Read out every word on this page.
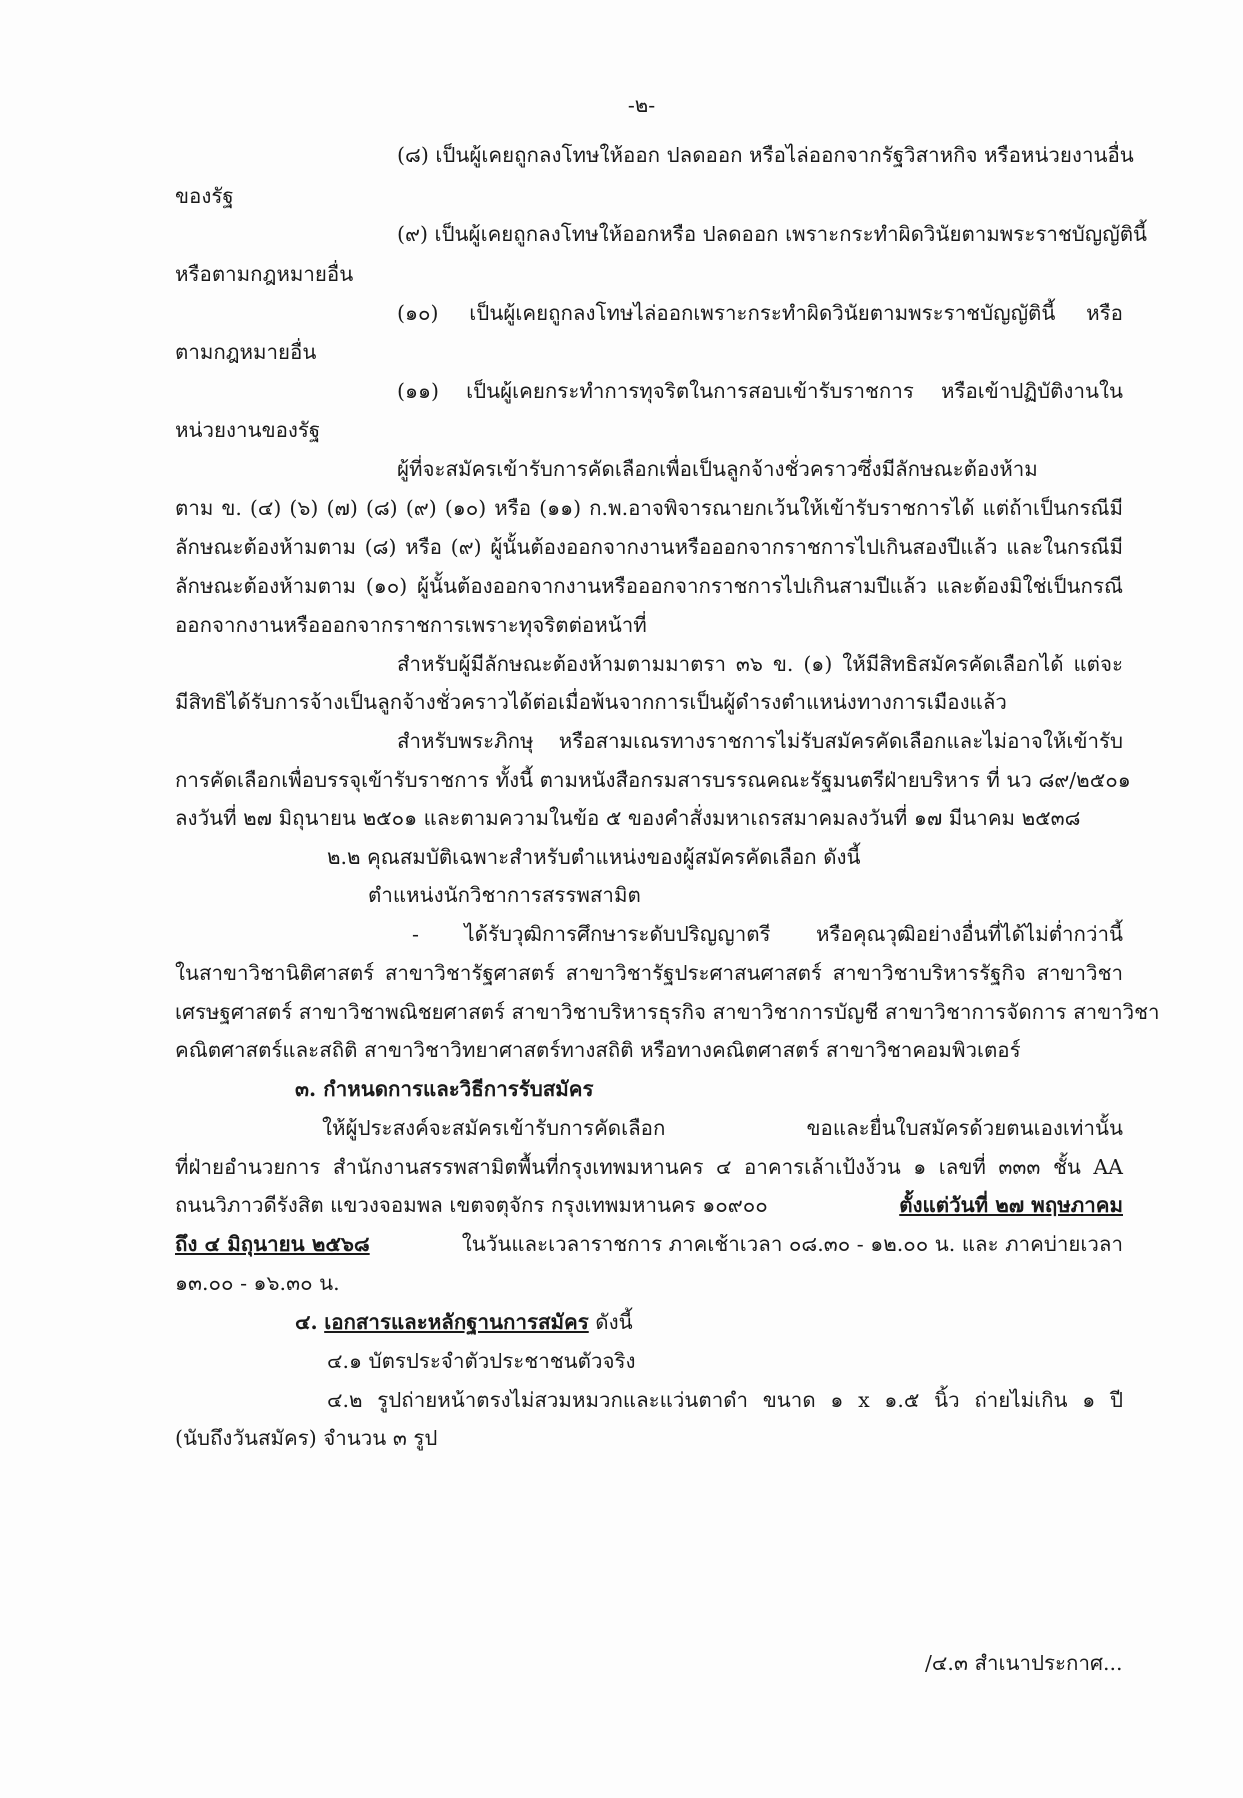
-๒-
(๘) เป็นผู้เคยถูกลงโทษให้ออก ปลดออก หรือไล่ออกจากรัฐวิสาหกิจ หรือหน่วยงานอื่น
ของรัฐ
(๙) เป็นผู้เคยถูกลงโทษให้ออกหรือ ปลดออก เพราะกระทำผิดวินัยตามพระราชบัญญัตินี้
หรือตามกฎหมายอื่น
(๑๐) เป็นผู้เคยถูกลงโทษไล่ออกเพราะกระทำผิดวินัยตามพระราชบัญญัตินี้ หรือ
ตามกฎหมายอื่น
(๑๑) เป็นผู้เคยกระทำการทุจริตในการสอบเข้ารับราชการ หรือเข้าปฏิบัติงานใน
หน่วยงานของรัฐ
ผู้ที่จะสมัครเข้ารับการคัดเลือกเพื่อเป็นลูกจ้างชั่วคราวซึ่งมีลักษณะต้องห้าม
ตาม ข. (๔) (๖) (๗) (๘) (๙) (๑๐) หรือ (๑๑) ก.พ.อาจพิจารณายกเว้นให้เข้ารับราชการได้ แต่ถ้าเป็นกรณีมี
ลักษณะต้องห้ามตาม (๘) หรือ (๙) ผู้นั้นต้องออกจากงานหรือออกจากราชการไปเกินสองปีแล้ว และในกรณีมี
ลักษณะต้องห้ามตาม (๑๐) ผู้นั้นต้องออกจากงานหรือออกจากราชการไปเกินสามปีแล้ว และต้องมิใช่เป็นกรณี
ออกจากงานหรือออกจากราชการเพราะทุจริตต่อหน้าที่
สำหรับผู้มีลักษณะต้องห้ามตามมาตรา ๓๖ ข. (๑) ให้มีสิทธิสมัครคัดเลือกได้ แต่จะ
มีสิทธิได้รับการจ้างเป็นลูกจ้างชั่วคราวได้ต่อเมื่อพ้นจากการเป็นผู้ดำรงตำแหน่งทางการเมืองแล้ว
สำหรับพระภิกษุ หรือสามเณรทางราชการไม่รับสมัครคัดเลือกและไม่อาจให้เข้ารับ
การคัดเลือกเพื่อบรรจุเข้ารับราชการ ทั้งนี้ ตามหนังสือกรมสารบรรณคณะรัฐมนตรีฝ่ายบริหาร ที่ นว ๘๙/๒๕๐๑
ลงวันที่ ๒๗ มิถุนายน ๒๕๐๑ และตามความในข้อ ๕ ของคำสั่งมหาเถรสมาคมลงวันที่ ๑๗ มีนาคม ๒๕๓๘
๒.๒ คุณสมบัติเฉพาะสำหรับตำแหน่งของผู้สมัครคัดเลือก ดังนี้
ตำแหน่งนักวิชาการสรรพสามิต
- ได้รับวุฒิการศึกษาระดับปริญญาตรี หรือคุณวุฒิอย่างอื่นที่ได้ไม่ต่ำกว่านี้
ในสาขาวิชานิติศาสตร์ สาขาวิชารัฐศาสตร์ สาขาวิชารัฐประศาสนศาสตร์ สาขาวิชาบริหารรัฐกิจ สาขาวิชา
เศรษฐศาสตร์ สาขาวิชาพณิชยศาสตร์ สาขาวิชาบริหารธุรกิจ สาขาวิชาการบัญชี สาขาวิชาการจัดการ สาขาวิชา
คณิตศาสตร์และสถิติ สาขาวิชาวิทยาศาสตร์ทางสถิติ หรือทางคณิตศาสตร์ สาขาวิชาคอมพิวเตอร์
๓. กำหนดการและวิธีการรับสมัคร
ให้ผู้ประสงค์จะสมัครเข้ารับการคัดเลือก ขอและยื่นใบสมัครด้วยตนเองเท่านั้น
ที่ฝ่ายอำนวยการ สำนักงานสรรพสามิตพื้นที่กรุงเทพมหานคร ๔ อาคารเล้าเป้งง้วน ๑ เลขที่ ๓๓๓ ชั้น AA
ถนนวิภาวดีรังสิต แขวงจอมพล เขตจตุจักร กรุงเทพมหานคร ๑๐๙๐๐	ตั้งแต่วันที่ ๒๗ พฤษภาคม
ถึง ๔ มิถุนายน ๒๕๖๘	ในวันและเวลาราชการ ภาคเช้าเวลา ๐๘.๓๐ - ๑๒.๐๐ น. และ ภาคบ่ายเวลา
๑๓.๐๐ - ๑๖.๓๐ น.
๔. เอกสารและหลักฐานการสมัคร ดังนี้
๔.๑ บัตรประจำตัวประชาชนตัวจริง
๔.๒ รูปถ่ายหน้าตรงไม่สวมหมวกและแว่นตาดำ ขนาด ๑ x ๑.๕ นิ้ว ถ่ายไม่เกิน ๑ ปี
(นับถึงวันสมัคร) จำนวน ๓ รูป
/๔.๓ สำเนาประกาศ...
